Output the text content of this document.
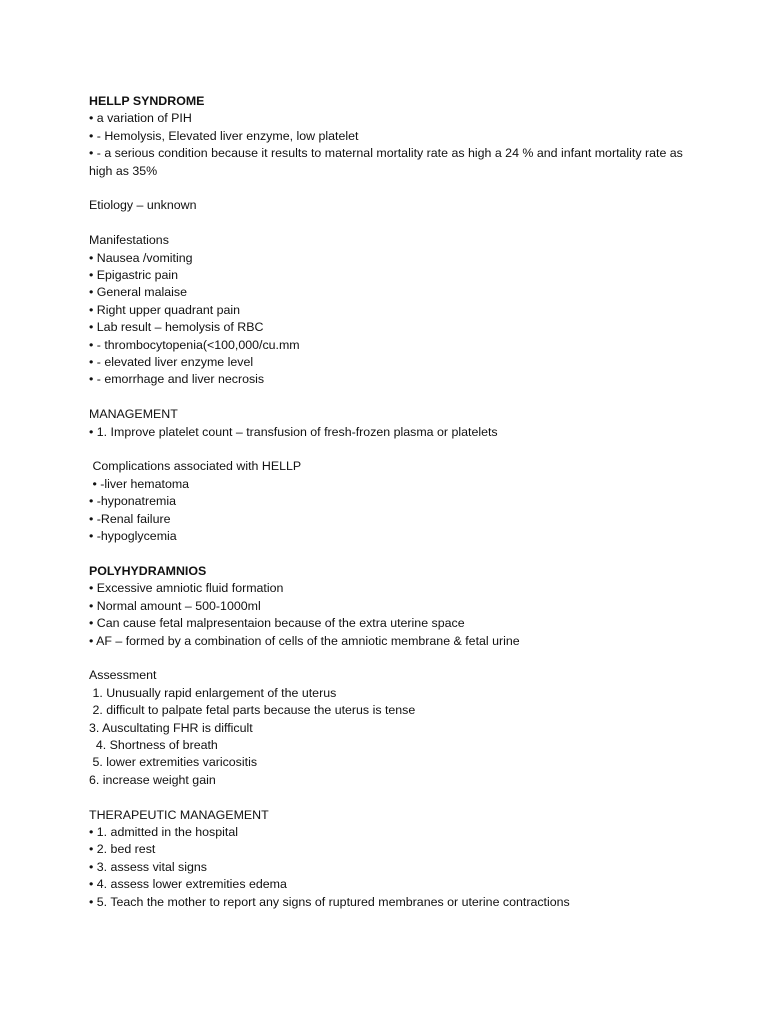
HELLP SYNDROME
• a variation of PIH
• - Hemolysis, Elevated liver enzyme, low platelet
• - a serious condition because it results to maternal mortality rate as high a 24 % and infant mortality rate as high as 35%
Etiology – unknown
Manifestations
• Nausea /vomiting
• Epigastric pain
• General malaise
• Right upper quadrant pain
• Lab result – hemolysis of RBC
• - thrombocytopenia(<100,000/cu.mm
• - elevated liver enzyme level
• - emorrhage and liver necrosis
MANAGEMENT
• 1. Improve platelet count – transfusion of fresh-frozen plasma or platelets
Complications associated with HELLP
• -liver hematoma
• -hyponatremia
• -Renal failure
• -hypoglycemia
POLYHYDRAMNIOS
• Excessive amniotic fluid formation
• Normal amount – 500-1000ml
• Can cause fetal malpresentaion because of the extra uterine space
• AF – formed by a combination of cells of the amniotic membrane & fetal urine
Assessment
1. Unusually rapid enlargement of the uterus
2. difficult to palpate fetal parts because the uterus is tense
3. Auscultating FHR is difficult
4. Shortness of breath
5. lower extremities varicositis
6. increase weight gain
THERAPEUTIC MANAGEMENT
• 1. admitted in the hospital
• 2. bed rest
• 3. assess vital signs
• 4. assess lower extremities edema
• 5. Teach the mother to report any signs of ruptured membranes or uterine contractions
